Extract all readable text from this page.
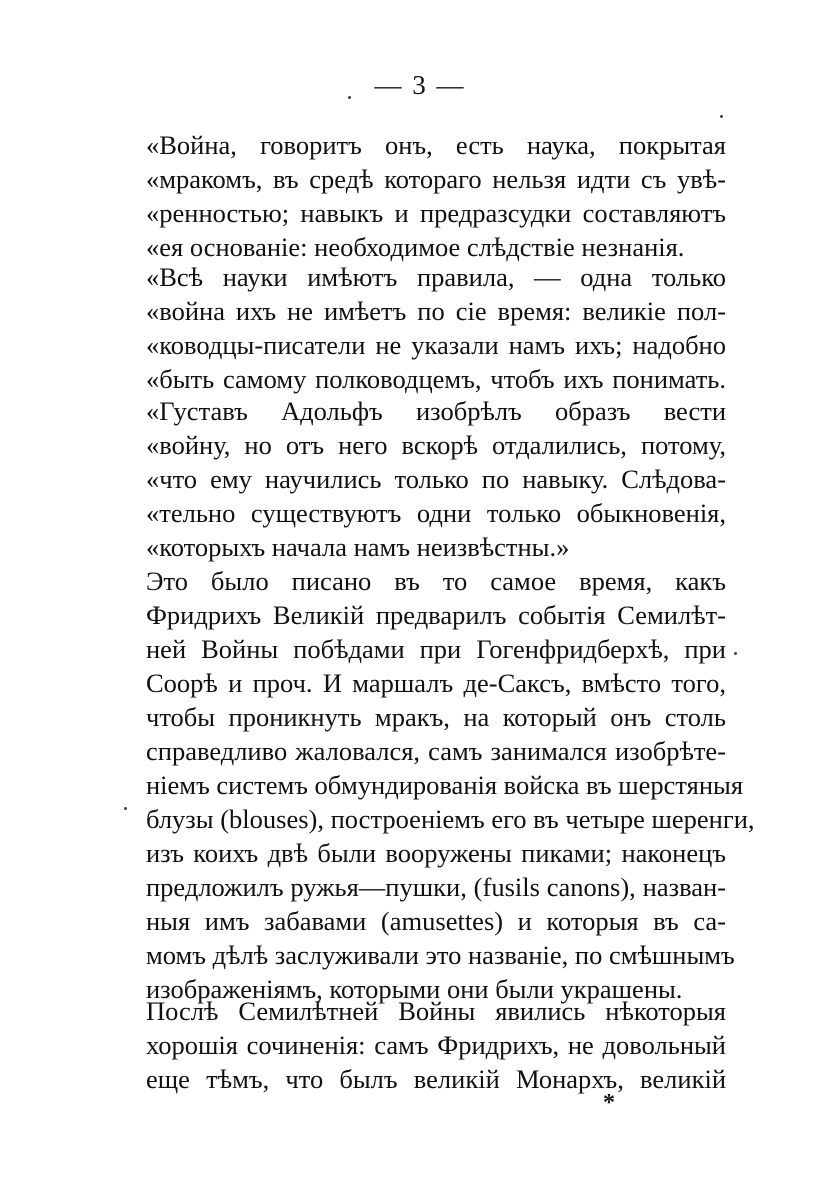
— 3 —
«Война, говоритъ онъ, есть наука, покрытая
«мракомъ, въ средѣ котораго нельзя идти съ увѣ-
«ренностью; навыкъ и предразсудки составляютъ
«ея основаніе: необходимое слѣдствіе незнанія.
«Всѣ науки имѣютъ правила, — одна только
«война ихъ не имѣетъ по сіе время: великіе пол-
«ководцы-писатели не указали намъ ихъ; надобно
«быть самому полководцемъ, чтобъ ихъ понимать.
«Густавъ Адольфъ изобрѣлъ образъ вести
«войну, но отъ него вскорѣ отдалились, потому,
«что ему научились только по навыку. Слѣдова-
«тельно существуютъ одни только обыкновенія,
«которыхъ начала намъ неизвѣстны.»
Это было писано въ то самое время, какъ
Фридрихъ Великій предварилъ событія Семилѣт-
ней Войны побѣдами при Гогенфридберхѣ, при
Соорѣ и проч. И маршалъ де-Саксъ, вмѣсто того,
чтобы проникнуть мракъ, на который онъ столь
справедливо жаловался, самъ занимался изобрѣте-
ніемъ системъ обмундированія войска въ шерстяныя
блузы (blouses), построеніемъ его въ четыре шеренги,
изъ коихъ двѣ были вооружены пиками; наконецъ
предложилъ ружья—пушки, (fusils canons), назван-
ныя имъ забавами (amusettes) и которыя въ са-
момъ дѣлѣ заслуживали это названіе, по смѣшнымъ
изображеніямъ, которыми они были украшены.
Послѣ Семилѣтней Войны явились нѣкоторыя
хорошія сочиненія: самъ Фридрихъ, не довольный
еще тѣмъ, что былъ великій Монархъ, великій
*
